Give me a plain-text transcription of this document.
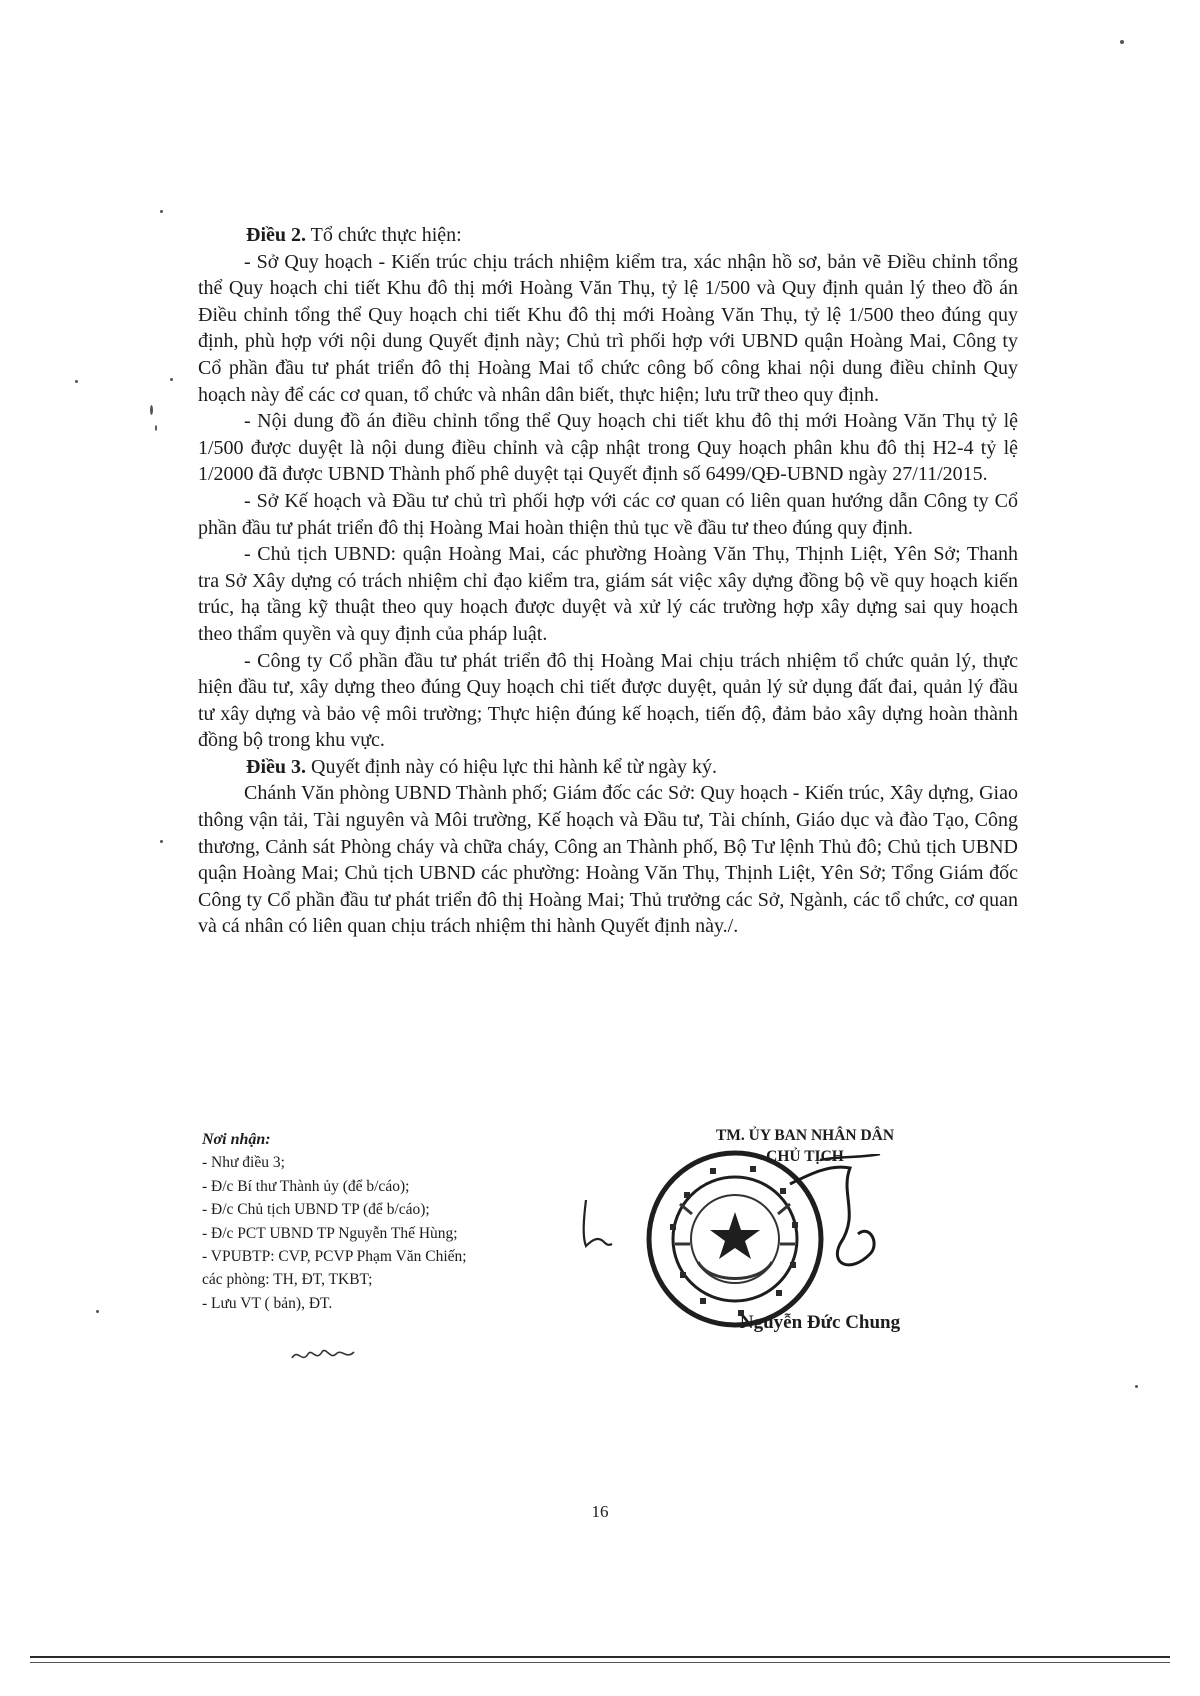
Điều 2. Tổ chức thực hiện:

- Sở Quy hoạch - Kiến trúc chịu trách nhiệm kiểm tra, xác nhận hồ sơ, bản vẽ Điều chỉnh tổng thể Quy hoạch chi tiết Khu đô thị mới Hoàng Văn Thụ, tỷ lệ 1/500 và Quy định quản lý theo đồ án Điều chỉnh tổng thể Quy hoạch chi tiết Khu đô thị mới Hoàng Văn Thụ, tỷ lệ 1/500 theo đúng quy định, phù hợp với nội dung Quyết định này; Chủ trì phối hợp với UBND quận Hoàng Mai, Công ty Cổ phần đầu tư phát triển đô thị Hoàng Mai tổ chức công bố công khai nội dung điều chỉnh Quy hoạch này để các cơ quan, tổ chức và nhân dân biết, thực hiện; lưu trữ theo quy định.

- Nội dung đồ án điều chỉnh tổng thể Quy hoạch chi tiết khu đô thị mới Hoàng Văn Thụ tỷ lệ 1/500 được duyệt là nội dung điều chỉnh và cập nhật trong Quy hoạch phân khu đô thị H2-4 tỷ lệ 1/2000 đã được UBND Thành phố phê duyệt tại Quyết định số 6499/QĐ-UBND ngày 27/11/2015.

- Sở Kế hoạch và Đầu tư chủ trì phối hợp với các cơ quan có liên quan hướng dẫn Công ty Cổ phần đầu tư phát triển đô thị Hoàng Mai hoàn thiện thủ tục về đầu tư theo đúng quy định.

- Chủ tịch UBND: quận Hoàng Mai, các phường Hoàng Văn Thụ, Thịnh Liệt, Yên Sở; Thanh tra Sở Xây dựng có trách nhiệm chỉ đạo kiểm tra, giám sát việc xây dựng đồng bộ về quy hoạch kiến trúc, hạ tầng kỹ thuật theo quy hoạch được duyệt và xử lý các trường hợp xây dựng sai quy hoạch theo thẩm quyền và quy định của pháp luật.

- Công ty Cổ phần đầu tư phát triển đô thị Hoàng Mai chịu trách nhiệm tổ chức quản lý, thực hiện đầu tư, xây dựng theo đúng Quy hoạch chi tiết được duyệt, quản lý sử dụng đất đai, quản lý đầu tư xây dựng và bảo vệ môi trường; Thực hiện đúng kế hoạch, tiến độ, đảm bảo xây dựng hoàn thành đồng bộ trong khu vực.

Điều 3. Quyết định này có hiệu lực thi hành kể từ ngày ký.

Chánh Văn phòng UBND Thành phố; Giám đốc các Sở: Quy hoạch - Kiến trúc, Xây dựng, Giao thông vận tải, Tài nguyên và Môi trường, Kế hoạch và Đầu tư, Tài chính, Giáo dục và đào Tạo, Công thương, Cảnh sát Phòng cháy và chữa cháy, Công an Thành phố, Bộ Tư lệnh Thủ đô; Chủ tịch UBND quận Hoàng Mai; Chủ tịch UBND các phường: Hoàng Văn Thụ, Thịnh Liệt, Yên Sở; Tổng Giám đốc Công ty Cổ phần đầu tư phát triển đô thị Hoàng Mai; Thủ trưởng các Sở, Ngành, các tổ chức, cơ quan và cá nhân có liên quan chịu trách nhiệm thi hành Quyết định này./.

Nơi nhận:
- Như điều 3;
- Đ/c Bí thư Thành ủy (để b/cáo);
- Đ/c Chủ tịch UBND TP (để b/cáo);
- Đ/c PCT UBND TP Nguyễn Thế Hùng;
- VPUBTP: CVP, PCVP Phạm Văn Chiến;
các phòng: TH, ĐT, TKBT;
- Lưu VT ( bản), ĐT.
TM. ỦY BAN NHÂN DÂN
CHỦ TỊCH
Nguyễn Đức Chung
16
